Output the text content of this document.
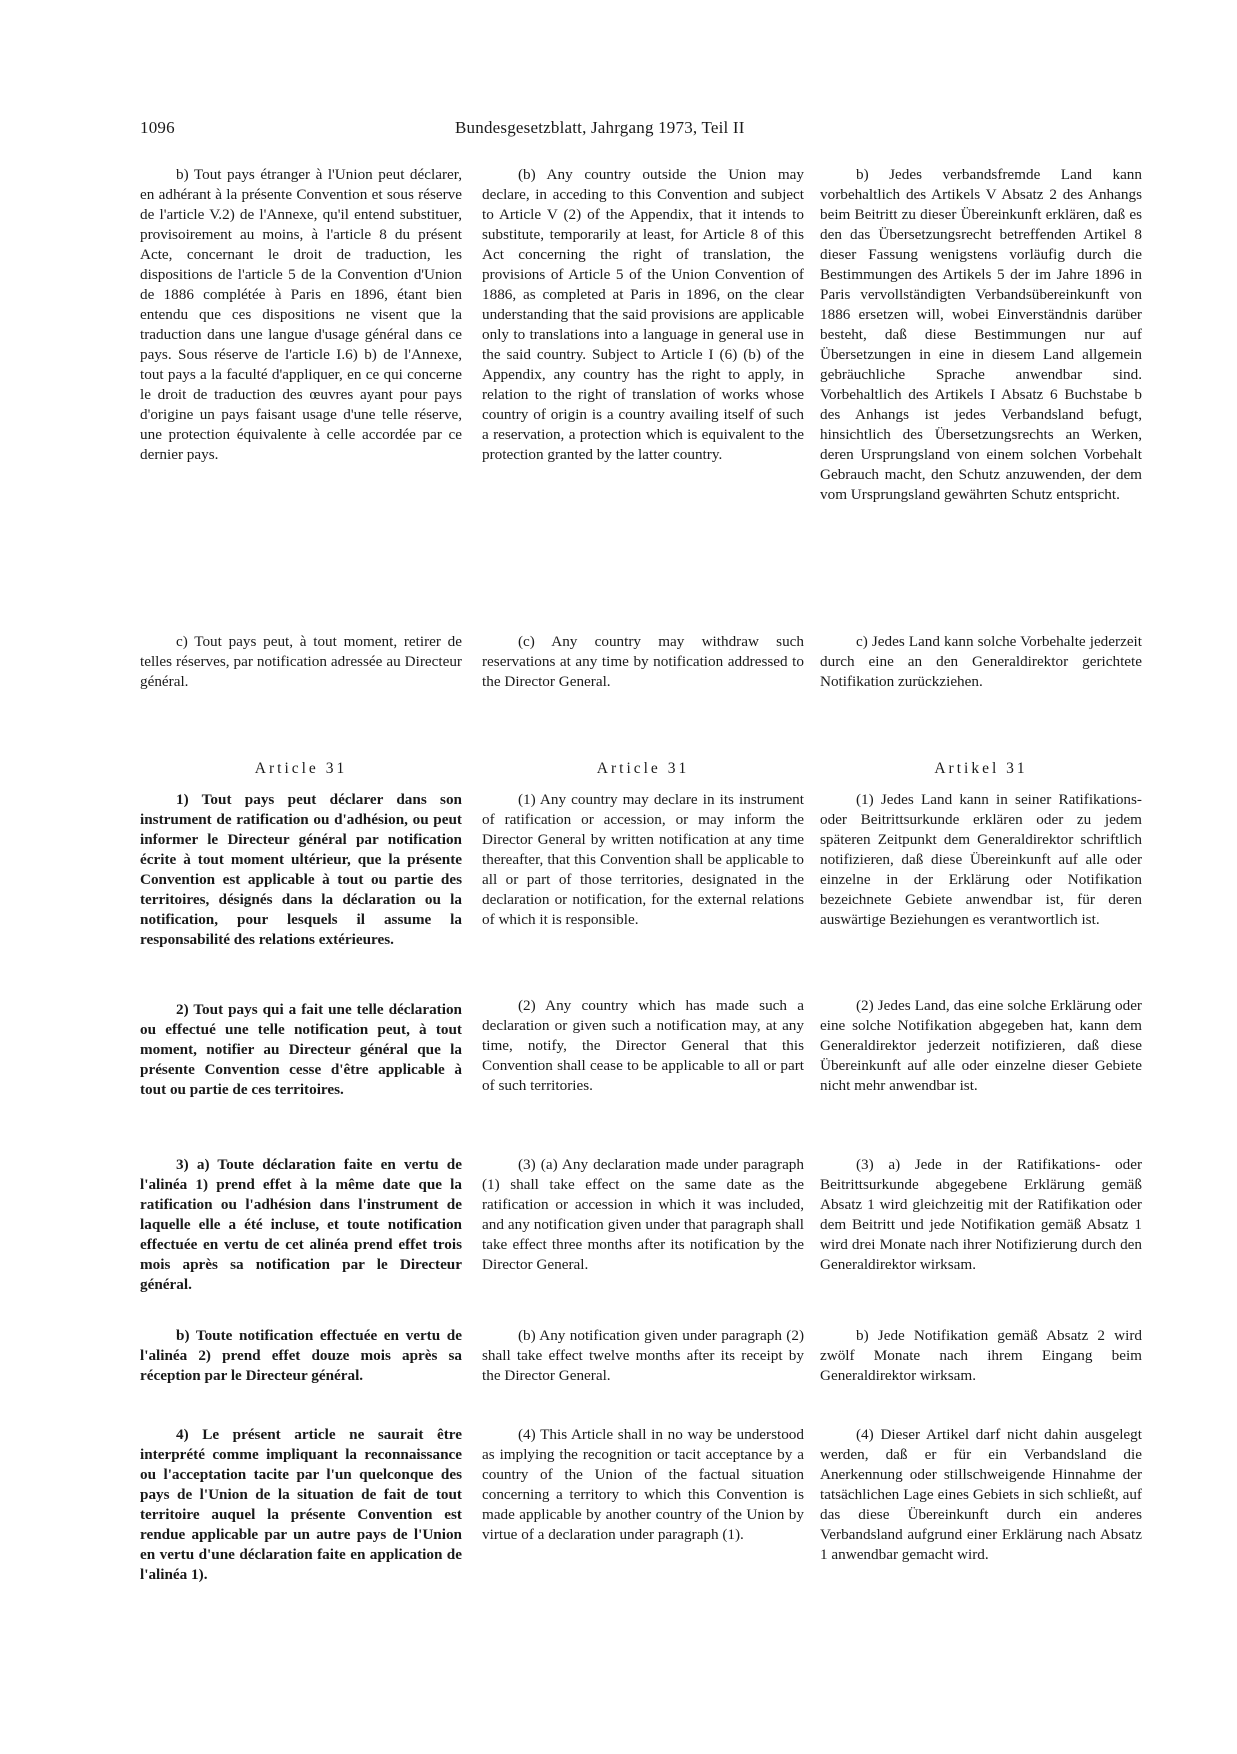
1096	Bundesgesetzblatt, Jahrgang 1973, Teil II

b) Tout pays étranger à l'Union peut déclarer, en adhérant à la présente Convention et sous réserve de l'article V.2) de l'Annexe, qu'il entend substituer, provisoirement au moins, à l'article 8 du présent Acte, concernant le droit de traduction, les dispositions de l'article 5 de la Convention d'Union de 1886 complétée à Paris en 1896, étant bien entendu que ces dispositions ne visent que la traduction dans une langue d'usage général dans ce pays. Sous réserve de l'article I.6) b) de l'Annexe, tout pays a la faculté d'appliquer, en ce qui concerne le droit de traduction des œuvres ayant pour pays d'origine un pays faisant usage d'une telle réserve, une protection équivalente à celle accordée par ce dernier pays.

c) Tout pays peut, à tout moment, retirer de telles réserves, par notification adressée au Directeur général.

Article 31

1) Tout pays peut déclarer dans son instrument de ratification ou d'adhésion, ou peut informer le Directeur général par notification écrite à tout moment ultérieur, que la présente Convention est applicable à tout ou partie des territoires, désignés dans la déclaration ou la notification, pour lesquels il assume la responsabilité des relations extérieures.

2) Tout pays qui a fait une telle déclaration ou effectué une telle notification peut, à tout moment, notifier au Directeur général que la présente Convention cesse d'être applicable à tout ou partie de ces territoires.

3) a) Toute déclaration faite en vertu de l'alinéa 1) prend effet à la même date que la ratification ou l'adhésion dans l'instrument de laquelle elle a été incluse, et toute notification effectuée en vertu de cet alinéa prend effet trois mois après sa notification par le Directeur général.

b) Toute notification effectuée en vertu de l'alinéa 2) prend effet douze mois après sa réception par le Directeur général.

4) Le présent article ne saurait être interprété comme impliquant la reconnaissance ou l'acceptation tacite par l'un quelconque des pays de l'Union de la situation de fait de tout territoire auquel la présente Convention est rendue applicable par un autre pays de l'Union en vertu d'une déclaration faite en application de l'alinéa 1).

(b) Any country outside the Union may declare, in acceding to this Convention and subject to Article V (2) of the Appendix, that it intends to substitute, temporarily at least, for Article 8 of this Act concerning the right of translation, the provisions of Article 5 of the Union Convention of 1886, as completed at Paris in 1896, on the clear understanding that the said provisions are applicable only to translations into a language in general use in the said country. Subject to Article I (6) (b) of the Appendix, any country has the right to apply, in relation to the right of translation of works whose country of origin is a country availing itself of such a reservation, a protection which is equivalent to the protection granted by the latter country.

(c) Any country may withdraw such reservations at any time by notification addressed to the Director General.

Article 31

(1) Any country may declare in its instrument of ratification or accession, or may inform the Director General by written notification at any time thereafter, that this Convention shall be applicable to all or part of those territories, designated in the declaration or notification, for the external relations of which it is responsible.

(2) Any country which has made such a declaration or given such a notification may, at any time, notify, the Director General that this Convention shall cease to be applicable to all or part of such territories.

(3) (a) Any declaration made under paragraph (1) shall take effect on the same date as the ratification or accession in which it was included, and any notification given under that paragraph shall take effect three months after its notification by the Director General.

(b) Any notification given under paragraph (2) shall take effect twelve months after its receipt by the Director General.

(4) This Article shall in no way be understood as implying the recognition or tacit acceptance by a country of the Union of the factual situation concerning a territory to which this Convention is made applicable by another country of the Union by virtue of a declaration under paragraph (1).

b) Jedes verbandsfremde Land kann vorbehaltlich des Artikels V Absatz 2 des Anhangs beim Beitritt zu dieser Übereinkunft erklären, daß es den das Übersetzungsrecht betreffenden Artikel 8 dieser Fassung wenigstens vorläufig durch die Bestimmungen des Artikels 5 der im Jahre 1896 in Paris vervollständigten Verbandsübereinkunft von 1886 ersetzen will, wobei Einverständnis darüber besteht, daß diese Bestimmungen nur auf Übersetzungen in eine in diesem Land allgemein gebräuchliche Sprache anwendbar sind. Vorbehaltlich des Artikels I Absatz 6 Buchstabe b des Anhangs ist jedes Verbandsland befugt, hinsichtlich des Übersetzungsrechts an Werken, deren Ursprungsland von einem solchen Vorbehalt Gebrauch macht, den Schutz anzuwenden, der dem vom Ursprungsland gewährten Schutz entspricht.

c) Jedes Land kann solche Vorbehalte jederzeit durch eine an den Generaldirektor gerichtete Notifikation zurückziehen.

Artikel 31

(1) Jedes Land kann in seiner Ratifikations- oder Beitrittsurkunde erklären oder zu jedem späteren Zeitpunkt dem Generaldirektor schriftlich notifizieren, daß diese Übereinkunft auf alle oder einzelne in der Erklärung oder Notifikation bezeichnete Gebiete anwendbar ist, für deren auswärtige Beziehungen es verantwortlich ist.

(2) Jedes Land, das eine solche Erklärung oder eine solche Notifikation abgegeben hat, kann dem Generaldirektor jederzeit notifizieren, daß diese Übereinkunft auf alle oder einzelne dieser Gebiete nicht mehr anwendbar ist.

(3) a) Jede in der Ratifikations- oder Beitrittsurkunde abgegebene Erklärung gemäß Absatz 1 wird gleichzeitig mit der Ratifikation oder dem Beitritt und jede Notifikation gemäß Absatz 1 wird drei Monate nach ihrer Notifizierung durch den Generaldirektor wirksam.

b) Jede Notifikation gemäß Absatz 2 wird zwölf Monate nach ihrem Eingang beim Generaldirektor wirksam.

(4) Dieser Artikel darf nicht dahin ausgelegt werden, daß er für ein Verbandsland die Anerkennung oder stillschweigende Hinnahme der tatsächlichen Lage eines Gebiets in sich schließt, auf das diese Übereinkunft durch ein anderes Verbandsland aufgrund einer Erklärung nach Absatz 1 anwendbar gemacht wird.
